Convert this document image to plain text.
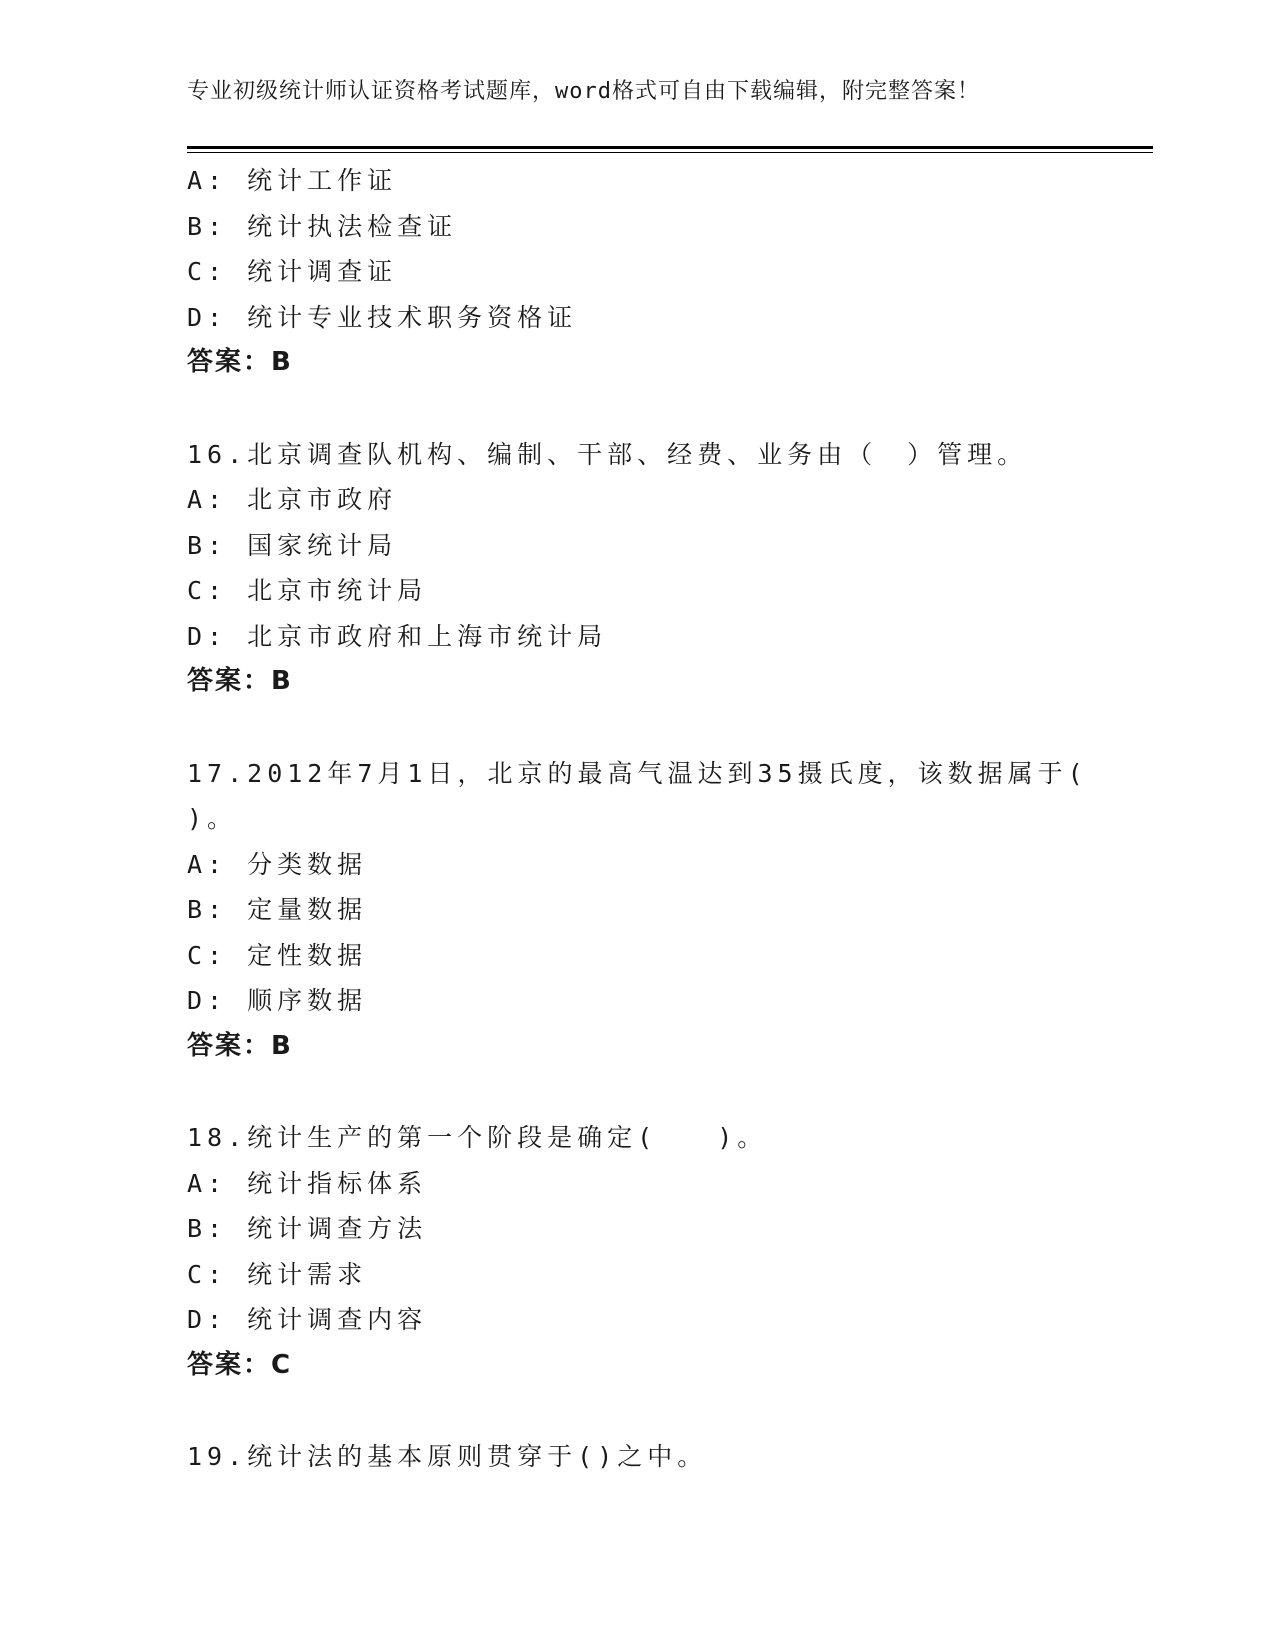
专业初级统计师认证资格考试题库，word格式可自由下载编辑，附完整答案！
A: 统计工作证
B: 统计执法检查证
C: 统计调查证
D: 统计专业技术职务资格证
答案：B
16.北京调查队机构、编制、干部、经费、业务由（　）管理。
A: 北京市政府
B: 国家统计局
C: 北京市统计局
D: 北京市政府和上海市统计局
答案：B
17.2012年7月1日，北京的最高气温达到35摄氏度，该数据属于(
)。
A: 分类数据
B: 定量数据
C: 定性数据
D: 顺序数据
答案：B
18.统计生产的第一个阶段是确定(　　)。
A: 统计指标体系
B: 统计调查方法
C: 统计需求
D: 统计调查内容
答案：C
19.统计法的基本原则贯穿于()之中。
